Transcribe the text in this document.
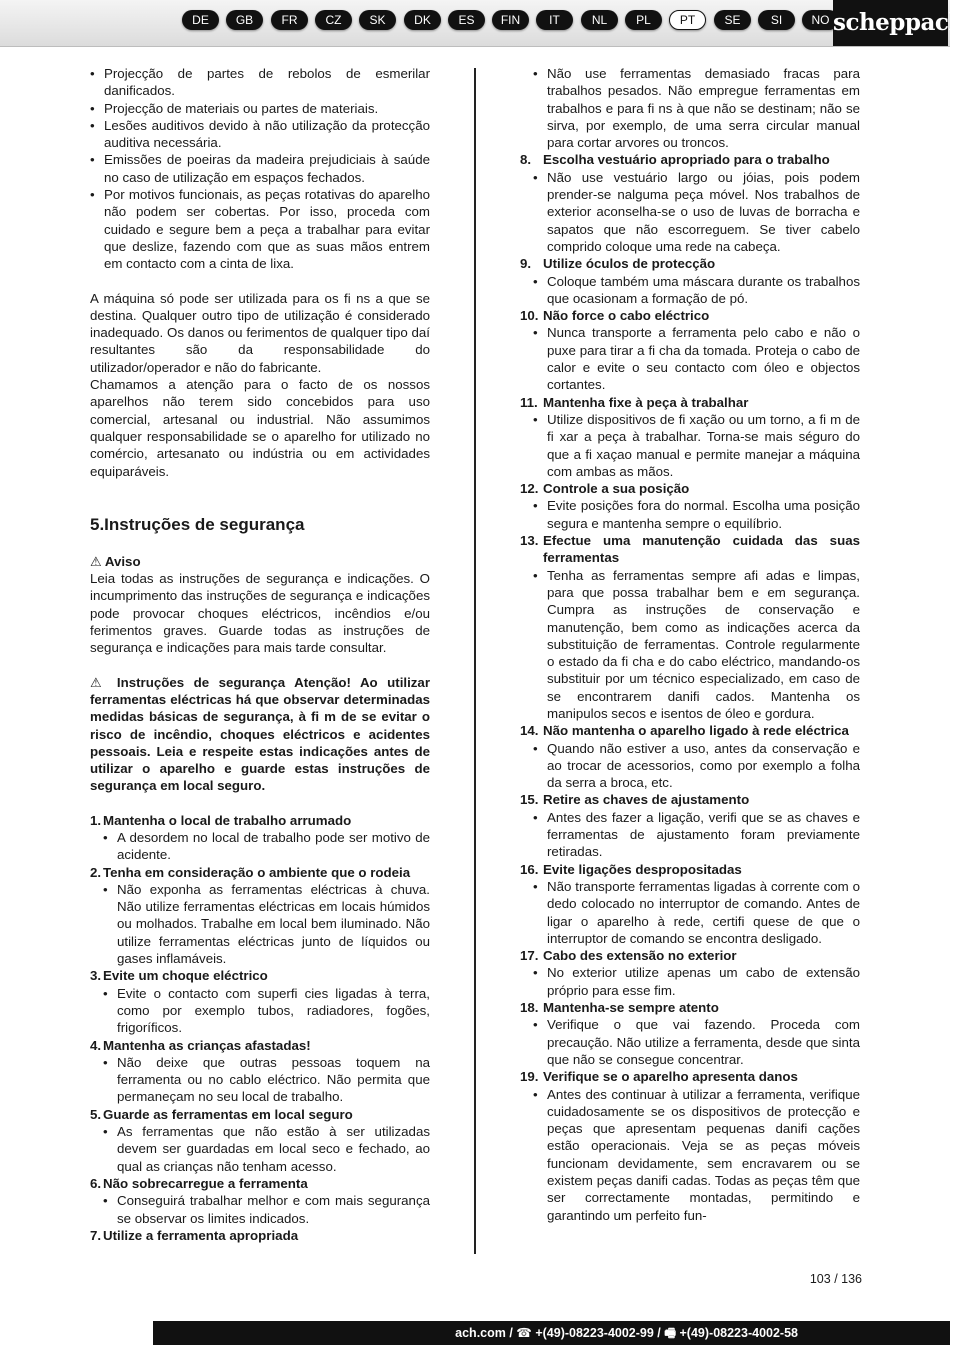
DE	GB	FR	CZ	SK	DK	ES	FIN	IT	NL	PL	PT	SE	SI	NO scheppach
• Projecção de partes de rebolos de esmerilar danificados.
• Projecção de materiais ou partes de materiais.
• Lesões auditivos devido à não utilização da protecção auditiva necessária.
• Emissões de poeiras da madeira prejudiciais à saúde no caso de utilização em espaços fechados.
• Por motivos funcionais, as peças rotativas do aparelho não podem ser cobertas. Por isso, proceda com cuidado e segure bem a peça a trabalhar para evitar que deslize, fazendo com que as suas mãos entrem em contacto com a cinta de lixa.

A máquina só pode ser utilizada para os fi ns a que se destina. Qualquer outro tipo de utilização é considerado inadequado. Os danos ou ferimentos de qualquer tipo daí resultantes são da responsabilidade do utilizador/operador e não do fabricante.

Chamamos a atenção para o facto de os nossos aparelhos não terem sido concebidos para uso comercial, artesanal ou industrial. Não assumimos qualquer responsabilidade se o aparelho for utilizado no comércio, artesanato ou indústria ou em actividades equiparáveis.

5.Instruções de segurança
⚠ Aviso

Leia todas as instruções de segurança e indicações. O incumprimento das instruções de segurança e indicações pode provocar choques eléctricos, incêndios e/ou ferimentos graves. Guarde todas as instruções de segurança e indicações para mais tarde consultar.

⚠ Instruções de segurança Atenção! Ao utilizar ferramentas eléctricas há que observar determinadas medidas básicas de segurança, à fi m de se evitar o risco de incêndio, choques eléctricos e acidentes pessoais. Leia e respeite estas indicações antes de utilizar o aparelho e guarde estas instruções de segurança em local seguro.
1. Mantenha o local de trabalho arrumado
• A desordem no local de trabalho pode ser motivo de acidente.
2. Tenha em consideração o ambiente que o rodeia
• Não exponha as ferramentas eléctricas à chuva. Não utilize ferramentas eléctricas em locais húmidos ou molhados. Trabalhe em local bem iluminado. Não utilize ferramentas eléctricas junto de líquidos ou gases inflamáveis.
3. Evite um choque eléctrico
• Evite o contacto com superfi cies ligadas à terra, como por exemplo tubos, radiadores, fogões, frigoríficos.
4. Mantenha as crianças afastadas!
• Não deixe que outras pessoas toquem na ferramenta ou no cablo eléctrico. Não permita que permaneçam no seu local de trabalho.
5. Guarde as ferramentas em local seguro
• As ferramentas que não estão à ser utilizadas devem ser guardadas em local seco e fechado, ao qual as crianças não tenham acesso.
6. Não sobrecarregue a ferramenta
• Conseguirá trabalhar melhor e com mais segurança se observar os limites indicados.
7. Utilize a ferramenta apropriada
• Não use ferramentas demasiado fracas para trabalhos pesados. Não empregue ferramentas em trabalhos e para fi ns à que não se destinam; não se sirva, por exemplo, de uma serra circular manual para cortar arvores ou troncos.
8. Escolha vestuário apropriado para o trabalho
• Não use vestuário largo ou jóias, pois podem prender-se nalguma peça móvel. Nos trabalhos de exterior aconselha-se o uso de luvas de borracha e sapatos que não escorreguem. Se tiver cabelo comprido coloque uma rede na cabeça.
9. Utilize óculos de protecção
• Coloque também uma máscara durante os trabalhos que ocasionam a formação de pó.
10. Não force o cabo eléctrico
• Nunca transporte a ferramenta pelo cabo e não o puxe para tirar a fi cha da tomada. Proteja o cabo de calor e evite o seu contacto com óleo e objectos cortantes.
11. Mantenha fixe à peça à trabalhar
• Utilize dispositivos de fi xação ou um torno, a fi m de fi xar a peça à trabalhar. Torna-se mais séguro do que a fi xaçao manual e permite manejar a máquina com ambas as mãos.
12. Controle a sua posição
• Evite posições fora do normal. Escolha uma posição segura e mantenha sempre o equilíbrio.
13. Efectue uma manutenção cuidada das suas ferramentas
• Tenha as ferramentas sempre afi adas e limpas, para que possa trabalhar bem e em segurança. Cumpra as instruções de conservação e manutenção, bem como as indicações acerca da substituição de ferramentas. Controle regularmente o estado da fi cha e do cabo eléctrico, mandando-os substituir por um técnico especializado, em caso de se encontrarem danifi cados. Mantenha os manipulos secos e isentos de óleo e gordura.
14. Não mantenha o aparelho ligado à rede eléctrica
• Quando não estiver a uso, antes da conservação e ao trocar de acessorios, como por exemplo a folha da serra a broca, etc.
15. Retire as chaves de ajustamento
• Antes des fazer a ligação, verifi que se as chaves e ferramentas de ajustamento foram previamente retiradas.
16. Evite ligações despropositadas
• Não transporte ferramentas ligadas à corrente com o dedo colocado no interruptor de comando. Antes de ligar o aparelho à rede, certifi quese de que o interruptor de comando se encontra desligado.
17. Cabo des extensão no exterior
• No exterior utilize apenas um cabo de extensão próprio para esse fim.
18. Mantenha-se sempre atento
• Verifique o que vai fazendo. Proceda com precaução. Não utilize a ferramenta, desde que sinta que não se consegue concentrar.
19. Verifique se o aparelho apresenta danos
• Antes des continuar à utilizar a ferramenta, verifique cuidadosamente se os dispositivos de protecção e peças que apresentam pequenas danifi cações estão operacionais. Veja se as peças móveis funcionam devidamente, sem encravarem ou se existem peças danifi cadas. Todas as peças têm que ser correctamente montadas, permitindo e garantindo um perfeito fun-
103 / 136
ach.com / ☎ +(49)-08223-4002-99 / 🖷 +(49)-08223-4002-58
